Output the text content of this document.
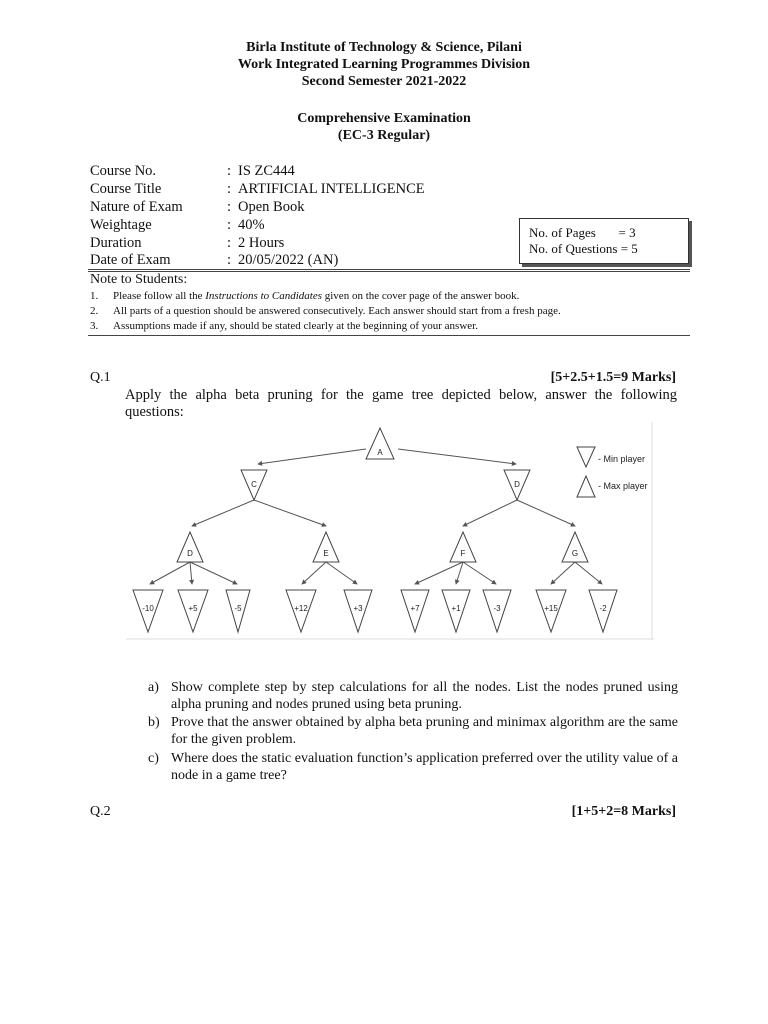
Birla Institute of Technology & Science, Pilani
Work Integrated Learning Programmes Division
Second Semester 2021-2022
Comprehensive Examination
(EC-3 Regular)
Course No.	: IS ZC444
Course Title	: ARTIFICIAL INTELLIGENCE
Nature of Exam	: Open Book
Weightage	: 40%
Duration	: 2 Hours
Date of Exam	: 20/05/2022 (AN)
No. of Pages       = 3
No. of Questions = 5
Note to Students:
1. Please follow all the Instructions to Candidates given on the cover page of the answer book.
2. All parts of a question should be answered consecutively. Each answer should start from a fresh page.
3. Assumptions made if any, should be stated clearly at the beginning of your answer.
Q.1	[5+2.5+1.5=9 Marks]
Apply the alpha beta pruning for the game tree depicted below, answer the following questions:
A
C	D
D	E	F	G
-10	+5	-5	+12	+3	+7	+1	-3	+15	-2
- Min player
- Max player
a) Show complete step by step calculations for all the nodes. List the nodes pruned using alpha pruning and nodes pruned using beta pruning.
b) Prove that the answer obtained by alpha beta pruning and minimax algorithm are the same for the given problem.
c) Where does the static evaluation function’s application preferred over the utility value of a node in a game tree?
Q.2	[1+5+2=8 Marks]
